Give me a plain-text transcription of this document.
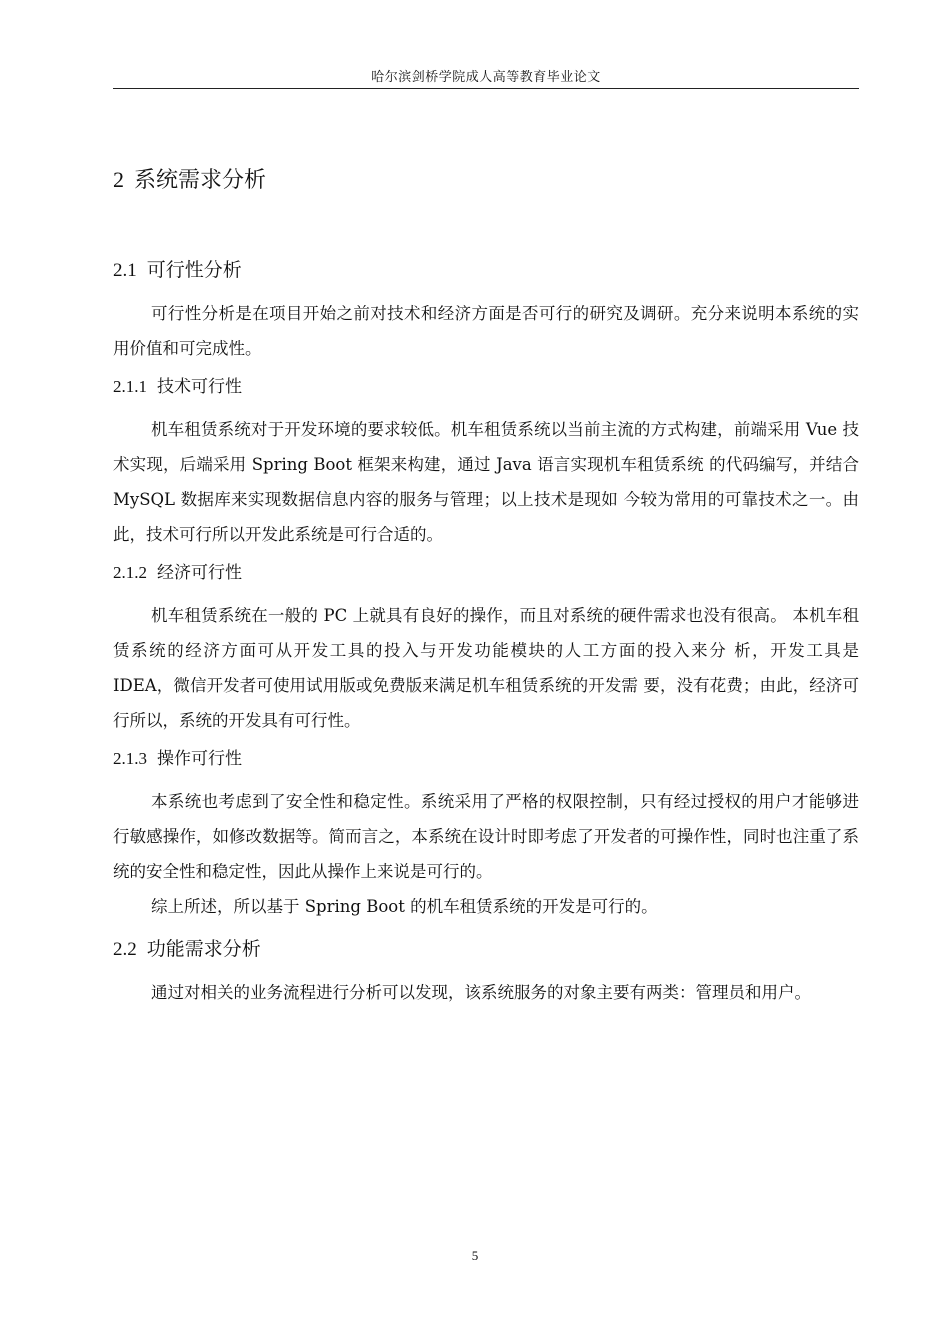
哈尔滨剑桥学院成人高等教育毕业论文
2 系统需求分析
2.1 可行性分析

可行性分析是在项目开始之前对技术和经济方面是否可行的研究及调研。充分来说明本系统的实用价值和可完成性。

2.1.1 技术可行性

机车租赁系统对于开发环境的要求较低。机车租赁系统以当前主流的方式构建，前端采用 Vue 技术实现，后端采用 Spring Boot 框架来构建，通过 Java 语言实现机车租赁系统 的代码编写，并结合 MySQL 数据库来实现数据信息内容的服务与管理；以上技术是现如 今较为常用的可靠技术之一。由此，技术可行所以开发此系统是可行合适的。

2.1.2 经济可行性

机车租赁系统在一般的 PC 上就具有良好的操作，而且对系统的硬件需求也没有很高。 本机车租赁系统的经济方面可从开发工具的投入与开发功能模块的人工方面的投入来分 析，开发工具是 IDEA，微信开发者可使用试用版或免费版来满足机车租赁系统的开发需 要，没有花费；由此，经济可行所以，系统的开发具有可行性。

2.1.3 操作可行性

本系统也考虑到了安全性和稳定性。系统采用了严格的权限控制，只有经过授权的用户才能够进行敏感操作，如修改数据等。简而言之，本系统在设计时即考虑了开发者的可操作性，同时也注重了系统的安全性和稳定性，因此从操作上来说是可行的。

综上所述，所以基于 Spring Boot 的机车租赁系统的开发是可行的。

2.2 功能需求分析

通过对相关的业务流程进行分析可以发现，该系统服务的对象主要有两类：管理员和用户。

5
